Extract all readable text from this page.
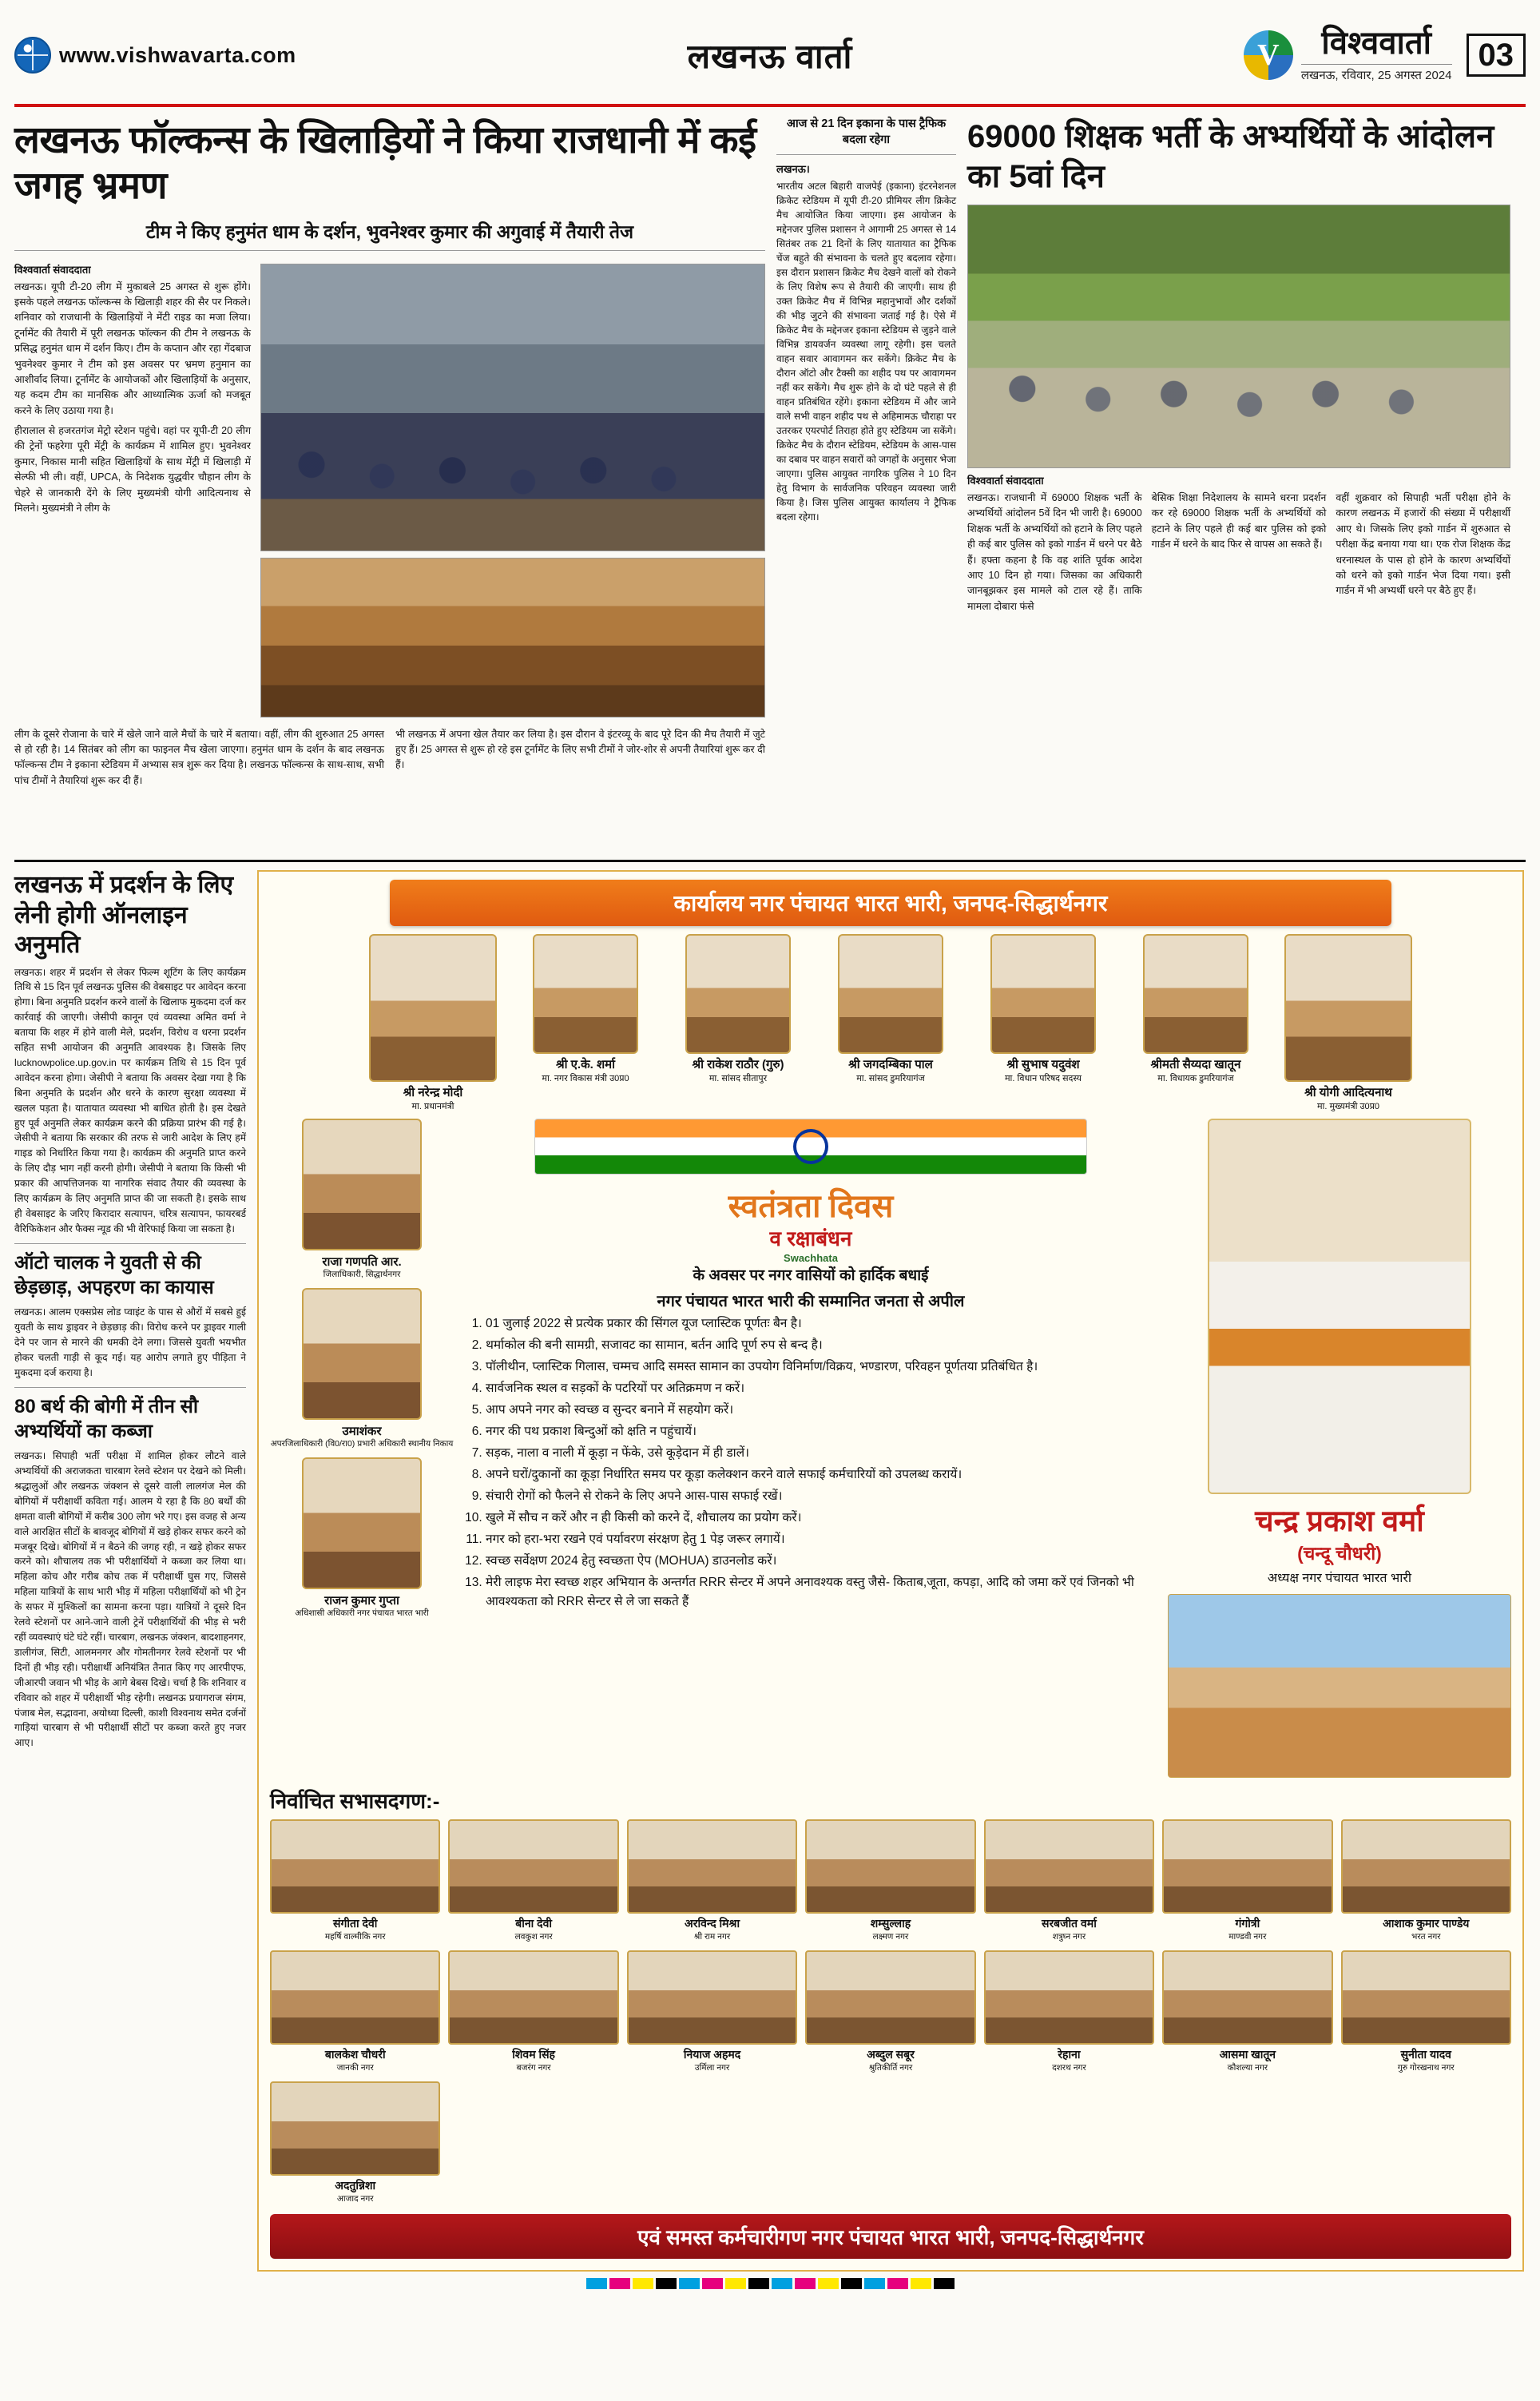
www.vishwavarta.com	लखनऊ वार्ता	V	विश्ववार्ता
लखनऊ, रविवार, 25 अगस्त 2024
03
लखनऊ फॉल्कन्स के खिलाड़ियों ने किया राजधानी में कई जगह भ्रमण
टीम ने किए हनुमंत धाम के दर्शन, भुवनेश्वर कुमार की अगुवाई में तैयारी तेज
विश्ववार्ता संवाददाता
लखनऊ। यूपी टी-20 लीग में मुकाबले 25 अगस्त से शुरू होंगे। इसके पहले लखनऊ फॉल्कन्स के खिलाड़ी शहर की सैर पर निकले। शनिवार को राजधानी के खिलाड़ियों ने मेंटी राइड का मजा लिया। टूर्नामेंट की तैयारी में पूरी लखनऊ फॉल्कन की टीम ने लखनऊ के प्रसिद्ध हनुमंत धाम में दर्शन किए। टीम के कप्तान और रहा गेंदबाज भुवनेश्वर कुमार ने टीम को इस अवसर पर भ्रमण हनुमान का आशीर्वाद लिया। टूर्नामेंट के आयोजकों और खिलाड़ियों के अनुसार, यह कदम टीम का मानसिक और आध्यात्मिक ऊर्जा को मजबूत करने के लिए उठाया गया है।
हीरालाल से हजरतगंज मेट्रो स्टेशन पहुंचे। वहां पर यूपी-टी 20 लीग की ट्रेनों फहरेगा पूरी मेंट्री के कार्यक्रम में शामिल हुए। भुवनेश्वर कुमार, निकास मानी सहित खिलाड़ियों के साथ मेंट्री में खिलाड़ी में सेल्फी भी ली। वहीं, UPCA, के निदेशक युद्धवीर चौहान लीग के चेहरे से जानकारी देंगे के लिए मुख्यमंत्री योगी आदित्यनाथ से मिलने। मुख्यमंत्री ने लीग के
लीग के दूसरे रोजाना के चारे में खेले जाने वाले मैचों के चारे में बताया। वहीं, लीग की शुरुआत 25 अगस्त से हो रही है। 14 सितंबर को लीग का फाइनल मैच खेला जाएगा। हनुमंत धाम के दर्शन के बाद लखनऊ फॉल्कन्स टीम ने इकाना स्टेडियम में अभ्यास सत्र शुरू कर दिया है। लखनऊ फॉल्कन्स के साथ-साथ, सभी पांच टीमों ने तैयारियां शुरू कर दी हैं।
भी लखनऊ में अपना खेल तैयार कर लिया है। इस दौरान वे इंटरव्यू के बाद पूरे दिन की मैच तैयारी में जुटे हुए हैं। 25 अगस्त से शुरू हो रहे इस टूर्नामेंट के लिए सभी टीमों ने जोर-शोर से अपनी तैयारियां शुरू कर दी हैं।
आज से 21 दिन इकाना के पास ट्रैफिक बदला रहेगा
लखनऊ।
भारतीय अटल बिहारी वाजपेई (इकाना) इंटरनेशनल क्रिकेट स्टेडियम में यूपी टी-20 प्रीमियर लीग क्रिकेट मैच आयोजित किया जाएगा। इस आयोजन के मद्देनजर पुलिस प्रशासन ने आगामी 25 अगस्त से 14 सितंबर तक 21 दिनों के लिए यातायात का ट्रैफिक चेंज बहुते की संभावना के चलते हुए बदलाव रहेगा। इस दौरान प्रशासन क्रिकेट मैच देखने वालों को रोकने के लिए विशेष रूप से तैयारी की जाएगी। साथ ही उक्त क्रिकेट मैच में विभिन्न महानुभावों और दर्शकों की भीड़ जुटने की संभावना जताई गई है। ऐसे में क्रिकेट मैच के मद्देनजर इकाना स्टेडियम से जुड़ने वाले विभिन्न डायवर्जन व्यवस्था लागू रहेगी। इस चलते वाहन सवार आवागमन कर सकेंगे। क्रिकेट मैच के दौरान ऑटो और टैक्सी का शहीद पथ पर आवागमन नहीं कर सकेंगे। मैच शुरू होने के दो घंटे पहले से ही वाहन प्रतिबंधित रहेंगे। इकाना स्टेडियम में और जाने वाले सभी वाहन शहीद पथ से अहिमामऊ चौराहा पर उतरकर एयरपोर्ट तिराहा होते हुए स्टेडियम जा सकेंगे। क्रिकेट मैच के दौरान स्टेडियम, स्टेडियम के आस-पास का दबाव पर वाहन सवारों को जगहों के अनुसार भेजा जाएगा। पुलिस आयुक्त नागरिक पुलिस ने 10 दिन हेतु विभाग के सार्वजनिक परिवहन व्यवस्था जारी किया है। जिस पुलिस आयुक्त कार्यालय ने ट्रैफिक बदला रहेगा।
69000 शिक्षक भर्ती के अभ्यर्थियों के आंदोलन का 5वां दिन
विश्ववार्ता संवाददाता
लखनऊ। राजधानी में 69000 शिक्षक भर्ती के अभ्यर्थियों आंदोलन 5वें दिन भी जारी है। 69000 शिक्षक भर्ती के अभ्यर्थियों को हटाने के लिए पहले ही कई बार पुलिस को इको गार्डन में धरने पर बैठे हैं। हफ्ता कहना है कि वह शांति पूर्वक आदेश आए 10 दिन हो गया। जिसका का अधिकारी जानबूझकर इस मामले को टाल रहे हैं। ताकि मामला दोबारा फंसे
बेसिक शिक्षा निदेशालय के सामने धरना प्रदर्शन कर रहे 69000 शिक्षक भर्ती के अभ्यर्थियों को हटाने के लिए पहले ही कई बार पुलिस को इको गार्डन में धरने के बाद फिर से वापस आ सकते हैं।
वहीं शुक्रवार को सिपाही भर्ती परीक्षा होने के कारण लखनऊ में हजारों की संख्या में परीक्षार्थी आए थे। जिसके लिए इको गार्डन में शुरुआत से परीक्षा केंद्र बनाया गया था। एक रोज शिक्षक केंद्र धरनास्थल के पास हो होने के कारण अभ्यर्थियों को धरने को इको गार्डन भेज दिया गया। इसी गार्डन में भी अभ्यर्थी धरने पर बैठे हुए हैं।
लखनऊ में प्रदर्शन के लिए लेनी होगी ऑनलाइन अनुमति
लखनऊ। शहर में प्रदर्शन से लेकर फिल्म शूटिंग के लिए कार्यक्रम तिथि से 15 दिन पूर्व लखनऊ पुलिस की वेबसाइट पर आवेदन करना होगा। बिना अनुमति प्रदर्शन करने वालों के खिलाफ मुकदमा दर्ज कर कार्रवाई की जाएगी। जेसीपी कानून एवं व्यवस्था अमित वर्मा ने बताया कि शहर में होने वाली मेले, प्रदर्शन, विरोध व धरना प्रदर्शन सहित सभी आयोजन की अनुमति आवश्यक है। जिसके लिए lucknowpolice.up.gov.in पर कार्यक्रम तिथि से 15 दिन पूर्व आवेदन करना होगा। जेसीपी ने बताया कि अवसर देखा गया है कि बिना अनुमति के प्रदर्शन और धरने के कारण सुरक्षा व्यवस्था में खलल पड़ता है। यातायात व्यवस्था भी बाधित होती है। इस देखते हुए पूर्व अनुमति लेकर कार्यक्रम करने की प्रक्रिया प्रारंभ की गई है। जेसीपी ने बताया कि सरकार की तरफ से जारी आदेश के लिए हमें गाइड को निर्धारित किया गया है। कार्यक्रम की अनुमति प्राप्त करने के लिए दौड़ भाग नहीं करनी होगी। जेसीपी ने बताया कि किसी भी प्रकार की आपत्तिजनक या नागरिक संवाद तैयार की व्यवस्था के लिए कार्यक्रम के लिए अनुमति प्राप्त की जा सकती है। इसके साथ ही वेबसाइट के जरिए किरादार सत्यापन, चरित्र सत्यापन, फायरबर्ड वैरिफिकेशन और फैक्स न्यूड की भी वेरिफाई किया जा सकता है।
ऑटो चालक ने युवती से की छेड़छाड़, अपहरण का कायास
लखनऊ। आलम एक्सप्रेस लोड प्वाइंट के पास से औरों में सबसे हुई युवती के साथ ड्राइवर ने छेड़छाड़ की। विरोध करने पर ड्राइवर गाली देने पर जान से मारने की धमकी देने लगा। जिससे युवती भयभीत होकर चलती गाड़ी से कूद गई। यह आरोप लगाते हुए पीड़िता ने मुकदमा दर्ज कराया है।
80 बर्थ की बोगी में तीन सौ अभ्यर्थियों का कब्जा
लखनऊ। सिपाही भर्ती परीक्षा में शामिल होकर लौटने वाले अभ्यर्थियों की अराजकता चारबाग रेलवे स्टेशन पर देखने को मिली। श्रद्धालुओं और लखनऊ जंक्शन से दूसरे वाली लालगंज मेल की बोगियों में परीक्षार्थी कविता गई। आलम ये रहा है कि 80 बर्थों की क्षमता वाली बोगियों में करीब 300 लोग भरे गए। इस वजह से अन्य वाले आरक्षित सीटों के बावजूद बोगियों में खड़े होकर सफर करने को मजबूर दिखे। बोगियों में न बैठने की जगह रही, न खड़े होकर सफर करने को। शौचालय तक भी परीक्षार्थियों ने कब्जा कर लिया था। महिला कोच और गरीब कोच तक में परीक्षार्थी घुस गए, जिससे महिला यात्रियों के साथ भारी भीड़ में महिला परीक्षार्थियों को भी ट्रेन के सफर में मुश्किलों का सामना करना पड़ा। यात्रियों ने दूसरे दिन रेलवे स्टेशनों पर आने-जाने वाली ट्रेनें परीक्षार्थियों की भीड़ से भरी रहीं व्यवस्थाएं घंटे घंटे रहीं। चारबाग, लखनऊ जंक्शन, बादशाहनगर, डालीगंज, सिटी, आलमनगर और गोमतीनगर रेलवे स्टेशनों पर भी दिनों ही भीड़ रही। परीक्षार्थी अनियंत्रित तैनात किए गए आरपीएफ, जीआरपी जवान भी भीड़ के आगे बेबस दिखे। चर्चा है कि शनिवार व रविवार को शहर में परीक्षार्थी भीड़ रहेगी। लखनऊ प्रयागराज संगम, पंजाब मेल, सद्भावना, अयोध्या दिल्ली, काशी विश्वनाथ समेत दर्जनों गाड़ियां चारबाग से भी परीक्षार्थी सीटों पर कब्जा करते हुए नजर आए।
कार्यालय नगर पंचायत भारत भारी, जनपद-सिद्धार्थनगर
श्री नरेन्द्र मोदी
मा. प्रधानमंत्री
श्री ए.के. शर्मा
मा. नगर विकास मंत्री उ0प्र0
श्री राकेश राठौर (गुरु)
मा. सांसद सीतापुर
श्री जगदम्बिका पाल
मा. सांसद डुमरियागंज
श्री सुभाष यदुवंश
मा. विधान परिषद सदस्य
श्रीमती सैय्यदा खातून
मा. विधायक डुमरियागंज
श्री योगी आदित्यनाथ
मा. मुख्यमंत्री उ0प्र0
राजा गणपति आर.
जिलाधिकारी, सिद्धार्थनगर
उमाशंकर
अपरजिलाधिकारी (वि0/रा0) प्रभारी अधिकारी स्थानीय निकाय
राजन कुमार गुप्ता
अधिशासी अधिकारी नगर पंचायत भारत भारी
स्वतंत्रता दिवस
व रक्षाबंधन
Swachhata
के अवसर पर नगर वासियों को हार्दिक बधाई
नगर पंचायत भारत भारी की सम्मानित जनता से अपील
1. 01 जुलाई 2022 से प्रत्येक प्रकार की सिंगल यूज प्लास्टिक पूर्णतः बैन है।
2. थर्माकोल की बनी सामग्री, सजावट का सामान, बर्तन आदि पूर्ण रुप से बन्द है।
3. पॉलीथीन, प्लास्टिक गिलास, चम्मच आदि समस्त सामान का उपयोग विनिर्माण/विक्रय, भण्डारण, परिवहन पूर्णतया प्रतिबंधित है।
4. सार्वजनिक स्थल व सड़कों के पटरियों पर अतिक्रमण न करें।
5. आप अपने नगर को स्वच्छ व सुन्दर बनाने में सहयोग करें।
6. नगर की पथ प्रकाश बिन्दुओं को क्षति न पहुंचायें।
7. सड़क, नाला व नाली में कूड़ा न फेंके, उसे कूड़ेदान में ही डालें।
8. अपने घरों/दुकानों का कूड़ा निर्धारित समय पर कूड़ा कलेक्शन करने वाले सफाई कर्मचारियों को उपलब्ध करायें।
9. संचारी रोगों को फैलने से रोकने के लिए अपने आस-पास सफाई रखें।
10. खुले में सौच न करें और न ही किसी को करने दें, शौचालय का प्रयोग करें।
11. नगर को हरा-भरा रखने एवं पर्यावरण संरक्षण हेतु 1 पेड़ जरूर लगायें।
12. स्वच्छ सर्वेक्षण 2024 हेतु स्वच्छता ऐप (MOHUA) डाउनलोड करें।
13. मेरी लाइफ मेरा स्वच्छ शहर अभियान के अन्तर्गत RRR सेन्टर में अपने अनावश्यक वस्तु जैसे- किताब,जूता, कपड़ा, आदि को जमा करें एवं जिनको भी आवश्यकता को RRR सेन्टर से ले जा सकते हैं
चन्द्र प्रकाश वर्मा
(चन्दू चौधरी)
अध्यक्ष नगर पंचायत भारत भारी
निर्वाचित सभासदगण:-
संगीता देवी
महर्षि वाल्मीकि नगर
बीना देवी
लवकुश नगर
अरविन्द मिश्रा
श्री राम नगर
शम्सुल्लाह
लक्ष्मण नगर
सरबजीत वर्मा
शत्रुघ्न नगर
गंगोत्री
माण्डवी नगर
आशाक कुमार पाण्डेय
भरत नगर
बालकेश चौधरी
जानकी नगर
शिवम सिंह
बजरंग नगर
नियाज अहमद
उर्मिला नगर
अब्दुल सबूर
श्रुतिकीर्ति नगर
रेहाना
दशरथ नगर
आसमा खातून
कौशल्या नगर
सुनीता यादव
गुरु गोरखनाथ नगर
अदतुन्निशा
आजाद नगर
एवं समस्त कर्मचारीगण नगर पंचायत भारत भारी, जनपद-सिद्धार्थनगर
